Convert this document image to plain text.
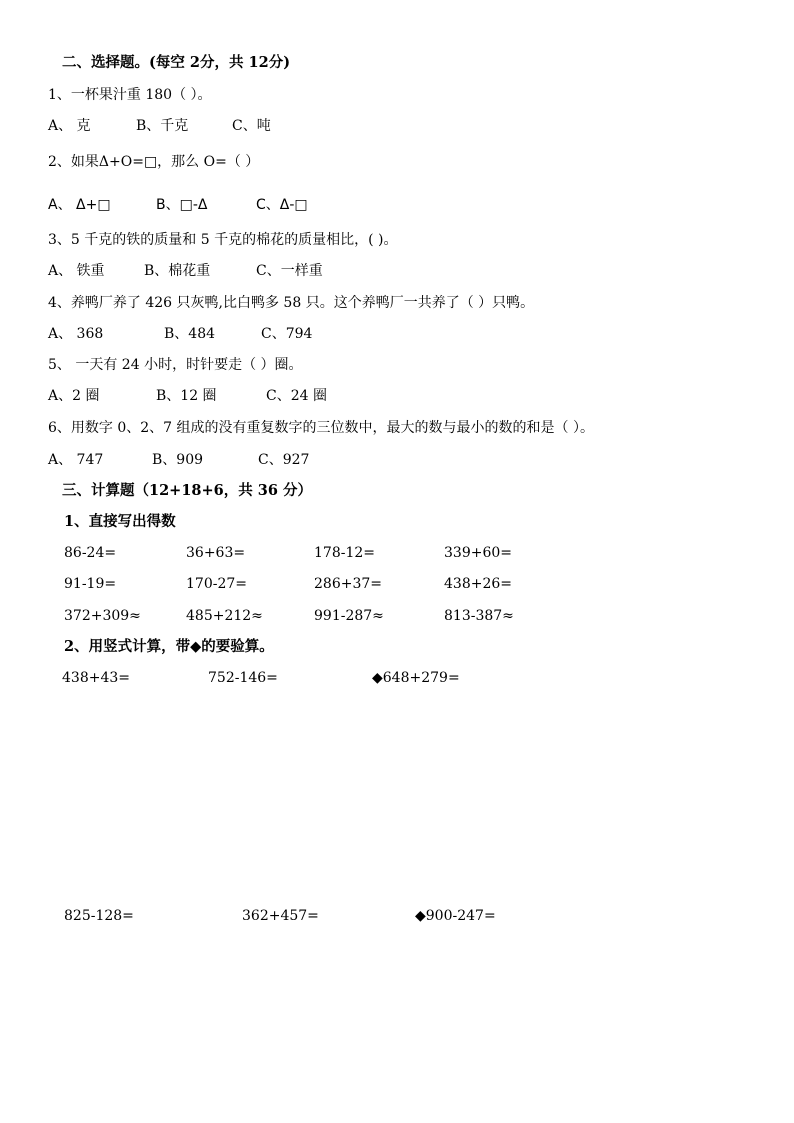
二、选择题。(每空 2分，共 12分)
1、一杯果汁重 180（ ）。
A、 克	B、千克	C、吨
2、如果Δ+O=□，那么 O=（ ）
A、 Δ+□	B、□-Δ	C、Δ-□
3、5 千克的铁的质量和 5 千克的棉花的质量相比，( )。
A、 铁重	B、棉花重	C、一样重
4、养鸭厂养了 426 只灰鸭,比白鸭多 58 只。这个养鸭厂一共养了（ ）只鸭。
A、 368	B、484	C、794
5、 一天有 24 小时，时针要走（ ）圈。
A、2 圈	B、12 圈	C、24 圈
6、用数字 0、2、7 组成的没有重复数字的三位数中，最大的数与最小的数的和是（ ）。
A、 747	B、909	C、927
三、计算题（12+18+6，共 36 分）
1、直接写出得数
86-24=	36+63=	178-12=	339+60=
91-19=	170-27=	286+37=	438+26=
372+309≈	485+212≈	991-287≈	813-387≈
2、用竖式计算，带◆的要验算。
438+43=	752-146=	◆648+279=
825-128=	362+457=	◆900-247=
